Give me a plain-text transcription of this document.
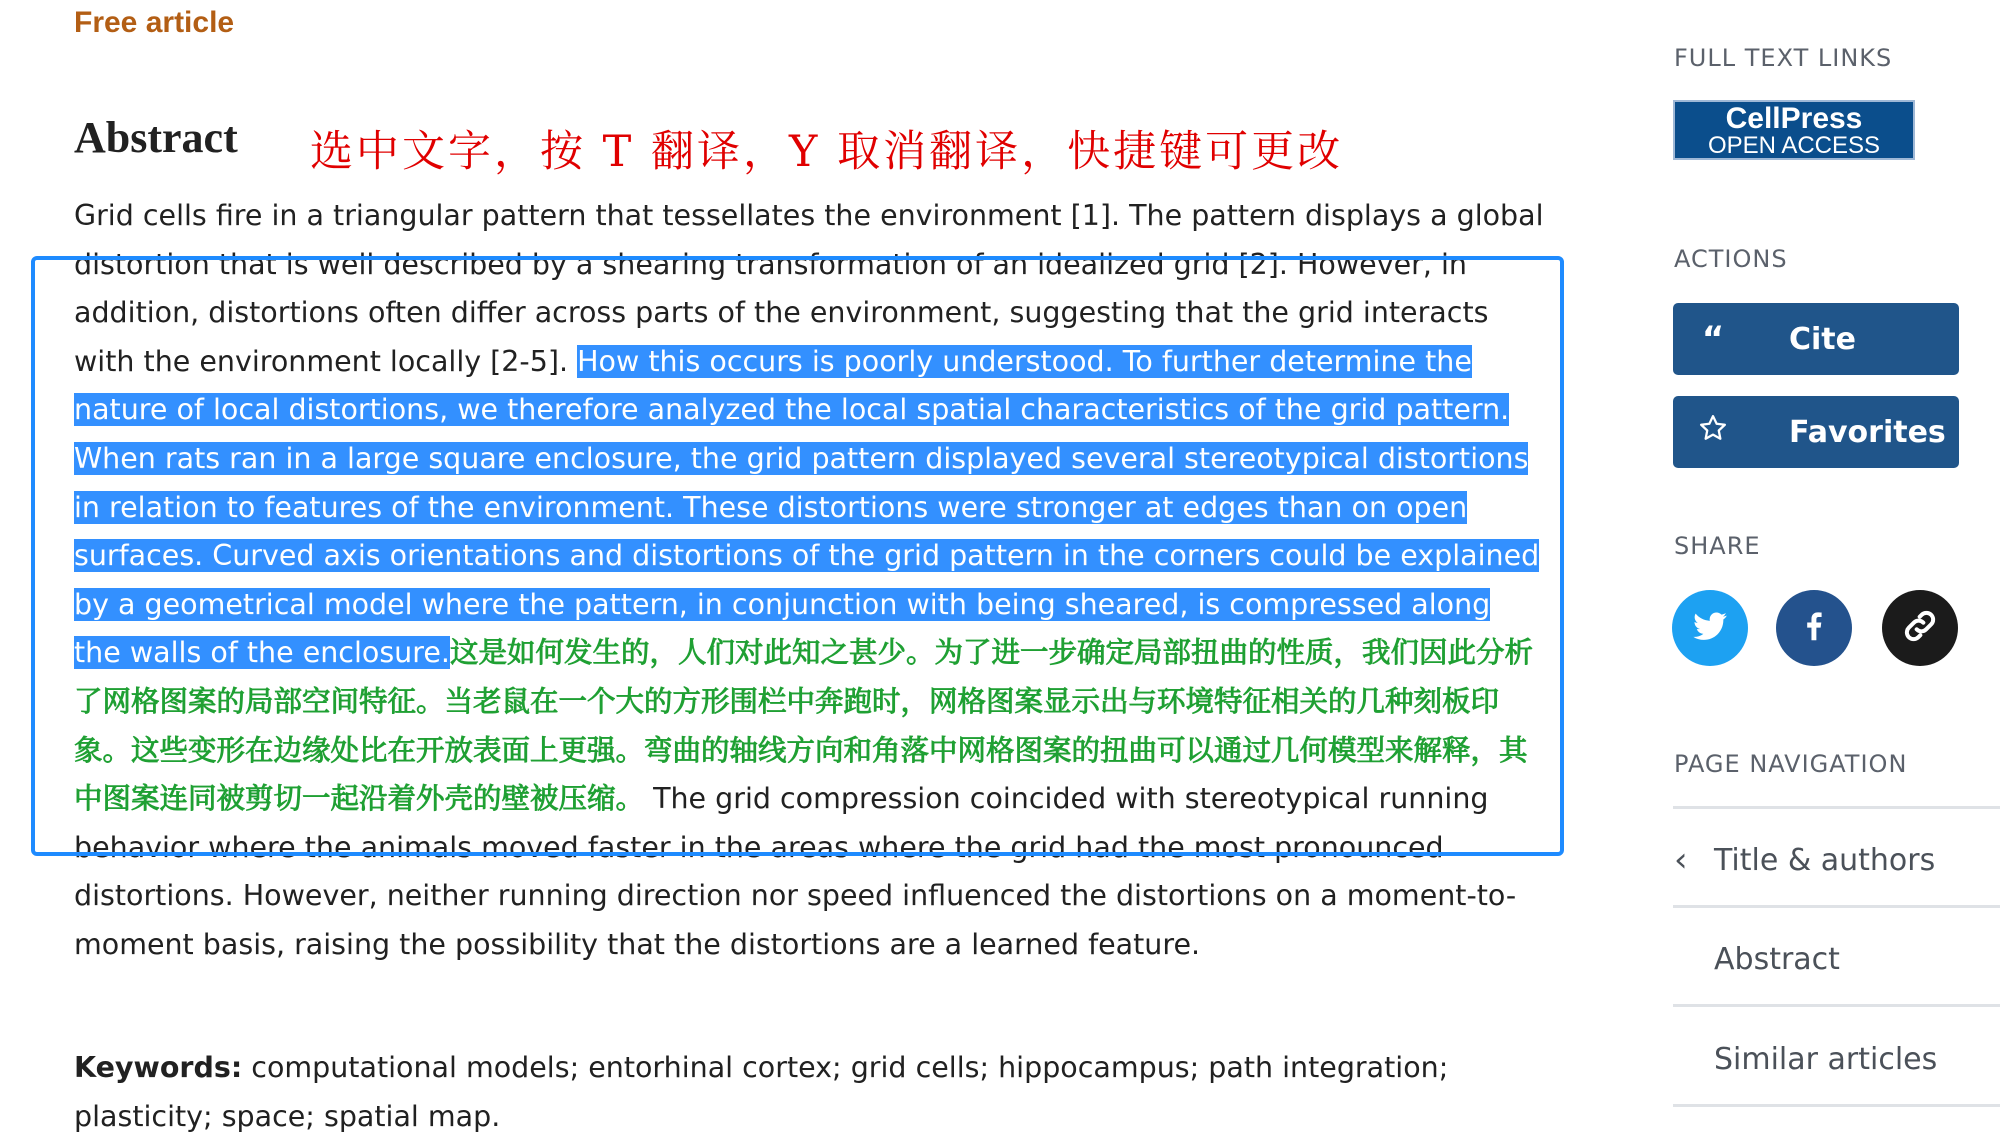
Free article
Abstract 选中文字，按 T 翻译，Y 取消翻译，快捷键可更改

Grid cells fire in a triangular pattern that tessellates the environment [1]. The pattern displays a global distortion that is well described by a shearing transformation of an idealized grid [2]. However, in addition, distortions often differ across parts of the environment, suggesting that the grid interacts with the environment locally [2-5]. How this occurs is poorly understood. To further determine the nature of local distortions, we therefore analyzed the local spatial characteristics of the grid pattern. When rats ran in a large square enclosure, the grid pattern displayed several stereotypical distortions in relation to features of the environment. These distortions were stronger at edges than on open surfaces. Curved axis orientations and distortions of the grid pattern in the corners could be explained by a geometrical model where the pattern, in conjunction with being sheared, is compressed along the walls of the enclosure.这是如何发生的，人们对此知之甚少。为了进一步确定局部扭曲的性质，我们因此分析了网格图案的局部空间特征。当老鼠在一个大的方形围栏中奔跑时，网格图案显示出与环境特征相关的几种刻板印象。这些变形在边缘处比在开放表面上更强。弯曲的轴线方向和角落中网格图案的扭曲可以通过几何模型来解释，其中图案连同被剪切一起沿着外壳的壁被压缩。 The grid compression coincided with stereotypical running behavior where the animals moved faster in the areas where the grid had the most pronounced distortions. However, neither running direction nor speed influenced the distortions on a moment-to-moment basis, raising the possibility that the distortions are a learned feature.

Keywords: computational models; entorhinal cortex; grid cells; hippocampus; path integration; plasticity; space; spatial map.
FULL TEXT LINKS
CellPress
OPEN ACCESS
ACTIONS
“	Cite
Favorites
SHARE
PAGE NAVIGATION
‹ Title & authors
Abstract
Similar articles
